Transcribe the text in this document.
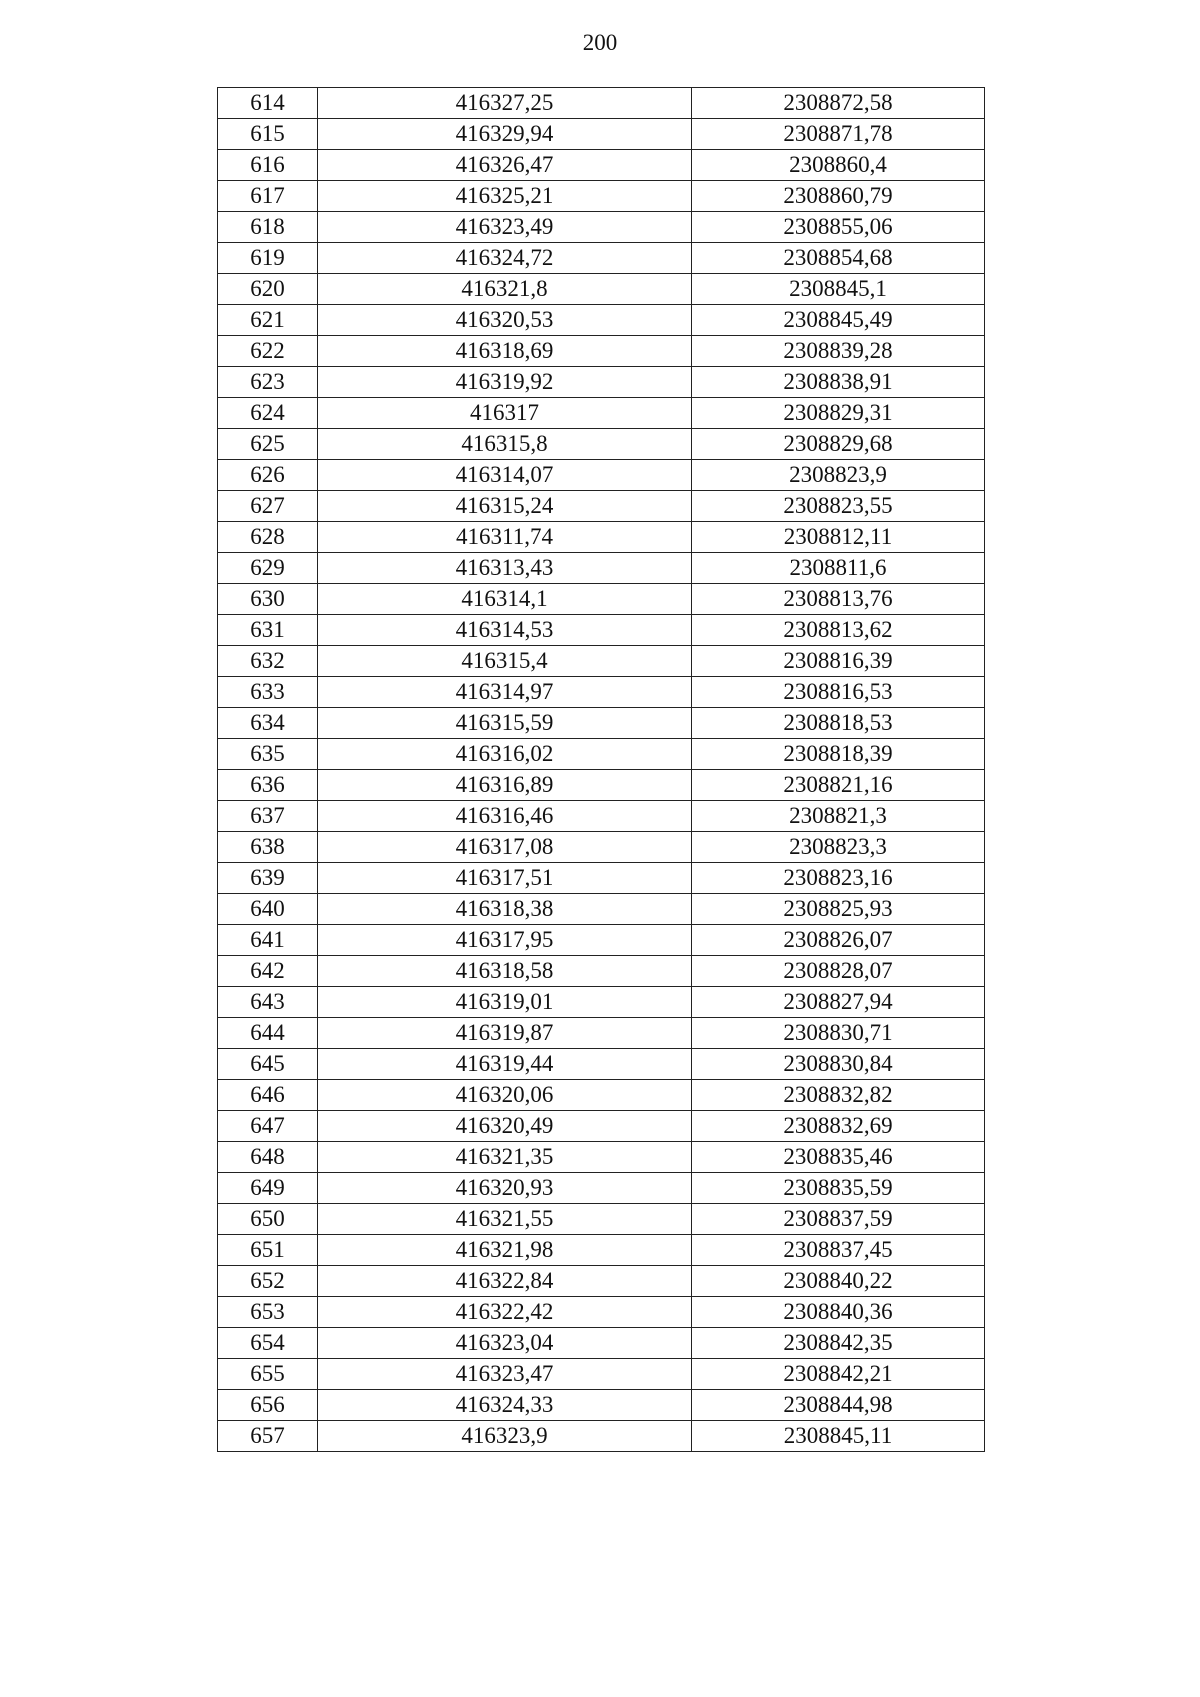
200
614	416327,25	2308872,58
615	416329,94	2308871,78
616	416326,47	2308860,4
617	416325,21	2308860,79
618	416323,49	2308855,06
619	416324,72	2308854,68
620	416321,8	2308845,1
621	416320,53	2308845,49
622	416318,69	2308839,28
623	416319,92	2308838,91
624	416317	2308829,31
625	416315,8	2308829,68
626	416314,07	2308823,9
627	416315,24	2308823,55
628	416311,74	2308812,11
629	416313,43	2308811,6
630	416314,1	2308813,76
631	416314,53	2308813,62
632	416315,4	2308816,39
633	416314,97	2308816,53
634	416315,59	2308818,53
635	416316,02	2308818,39
636	416316,89	2308821,16
637	416316,46	2308821,3
638	416317,08	2308823,3
639	416317,51	2308823,16
640	416318,38	2308825,93
641	416317,95	2308826,07
642	416318,58	2308828,07
643	416319,01	2308827,94
644	416319,87	2308830,71
645	416319,44	2308830,84
646	416320,06	2308832,82
647	416320,49	2308832,69
648	416321,35	2308835,46
649	416320,93	2308835,59
650	416321,55	2308837,59
651	416321,98	2308837,45
652	416322,84	2308840,22
653	416322,42	2308840,36
654	416323,04	2308842,35
655	416323,47	2308842,21
656	416324,33	2308844,98
657	416323,9	2308845,11
